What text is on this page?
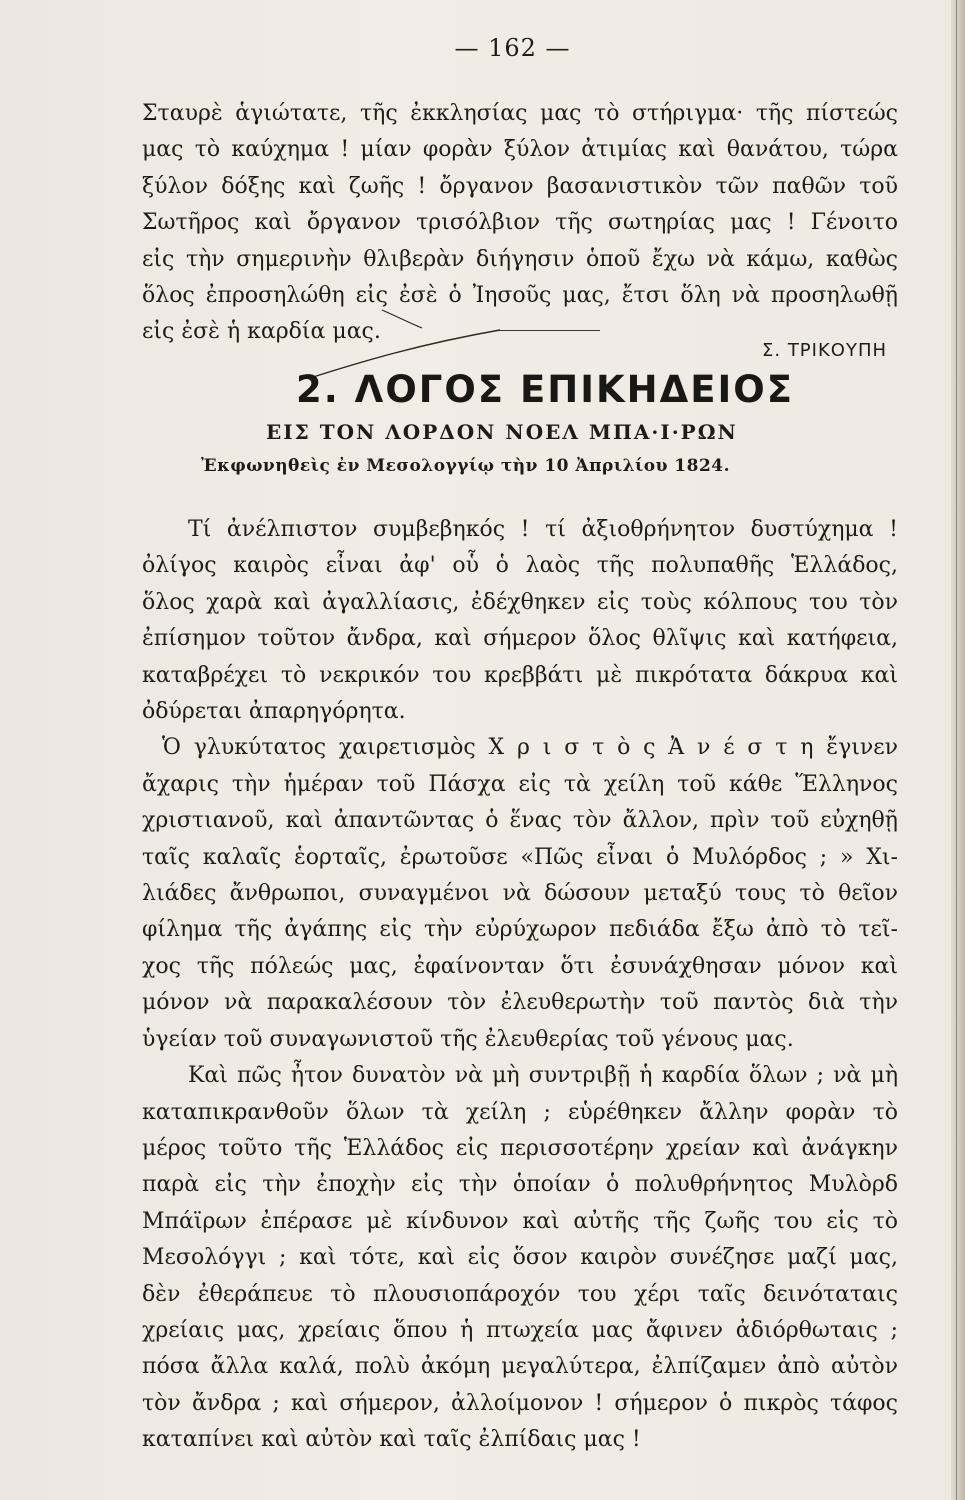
— 162 —

Σταυρὲ ἁγιώτατε, τῆς ἐκκλησίας μας τὸ στήριγμα· τῆς πίστεώς

μας τὸ καύχημα ! μίαν φορὰν ξύλον ἀτιμίας καὶ θανάτου, τώρα

ξύλον δόξης καὶ ζωῆς ! ὄργανον βασανιστικὸν τῶν παθῶν τοῦ

Σωτῆρος καὶ ὄργανον τρισόλβιον τῆς σωτηρίας μας ! Γένοιτο

εἰς τὴν σημερινὴν θλιβερὰν διήγησιν ὁποῦ ἔχω νὰ κάμω, καθὼς

ὅλος ἐπροσηλώθη εἰς ἐσὲ ὁ Ἰησοῦς μας, ἔτσι ὅλη νὰ προσηλωθῇ

εἰς ἐσὲ ἡ καρδία μας.

Σ. ΤΡΙΚΟΥΠΗ
2. ΛΟΓΟΣ ΕΠΙΚΗΔΕΙΟΣ
ΕΙΣ ΤΟΝ ΛΟΡΔΟΝ ΝΟΕΛ ΜΠΑ·Ι·ΡΩΝ
Ἐκφωνηθεὶς ἐν Μεσολογγίῳ τὴν 10 Ἀπριλίου 1824.

Τί ἀνέλπιστον συμβεβηκός ! τί ἀξιοθρήνητον δυστύχημα !

ὀλίγος καιρὸς εἶναι ἀφ' οὗ ὁ λαὸς τῆς πολυπαθῆς Ἑλλάδος,

ὅλος χαρὰ καὶ ἀγαλλίασις, ἐδέχθηκεν εἰς τοὺς κόλπους του τὸν

ἐπίσημον τοῦτον ἄνδρα, καὶ σήμερον ὅλος θλῖψις καὶ κατήφεια,

καταβρέχει τὸ νεκρικόν του κρεββάτι μὲ πικρότατα δάκρυα καὶ

ὀδύρεται ἀπαρηγόρητα.

Ὁ γλυκύτατος χαιρετισμὸς Χ ρ ι σ τ ὸ ς Ἀ ν έ σ τ η ἔγινεν

ἄχαρις τὴν ἡμέραν τοῦ Πάσχα εἰς τὰ χείλη τοῦ κάθε Ἕλληνος

χριστιανοῦ, καὶ ἀπαντῶντας ὁ ἕνας τὸν ἄλλον, πρὶν τοῦ εὐχηθῇ

ταῖς καλαῖς ἑορταῖς, ἐρωτοῦσε «Πῶς εἶναι ὁ Μυλόρδος ; » Χι-

λιάδες ἄνθρωποι, συναγμένοι νὰ δώσουν μεταξύ τους τὸ θεῖον

φίλημα τῆς ἀγάπης εἰς τὴν εὐρύχωρον πεδιάδα ἔξω ἀπὸ τὸ τεῖ-

χος τῆς πόλεώς μας, ἐφαίνονταν ὅτι ἐσυνάχθησαν μόνον καὶ

μόνον νὰ παρακαλέσουν τὸν ἐλευθερωτὴν τοῦ παντὸς διὰ τὴν

ὑγείαν τοῦ συναγωνιστοῦ τῆς ἐλευθερίας τοῦ γένους μας.

Καὶ πῶς ἦτον δυνατὸν νὰ μὴ συντριβῇ ἡ καρδία ὅλων ; νὰ μὴ

καταπικρανθοῦν ὅλων τὰ χείλη ; εὑρέθηκεν ἄλλην φορὰν τὸ

μέρος τοῦτο τῆς Ἑλλάδος εἰς περισσοτέρην χρείαν καὶ ἀνάγκην

παρὰ εἰς τὴν ἐποχὴν εἰς τὴν ὁποίαν ὁ πολυθρήνητος Μυλὸρδ

Μπάϊρων ἐπέρασε μὲ κίνδυνον καὶ αὐτῆς τῆς ζωῆς του εἰς τὸ

Μεσολόγγι ; καὶ τότε, καὶ εἰς ὅσον καιρὸν συνέζησε μαζί μας,

δὲν ἐθεράπευε τὸ πλουσιοπάροχόν του χέρι ταῖς δεινόταταις

χρείαις μας, χρείαις ὅπου ἡ πτωχεία μας ἄφινεν ἀδιόρθωταις ;

πόσα ἄλλα καλά, πολὺ ἀκόμη μεγαλύτερα, ἐλπίζαμεν ἀπὸ αὐτὸν

τὸν ἄνδρα ; καὶ σήμερον, ἀλλοίμονον ! σήμερον ὁ πικρὸς τάφος

καταπίνει καὶ αὐτὸν καὶ ταῖς ἐλπίδαις μας !
